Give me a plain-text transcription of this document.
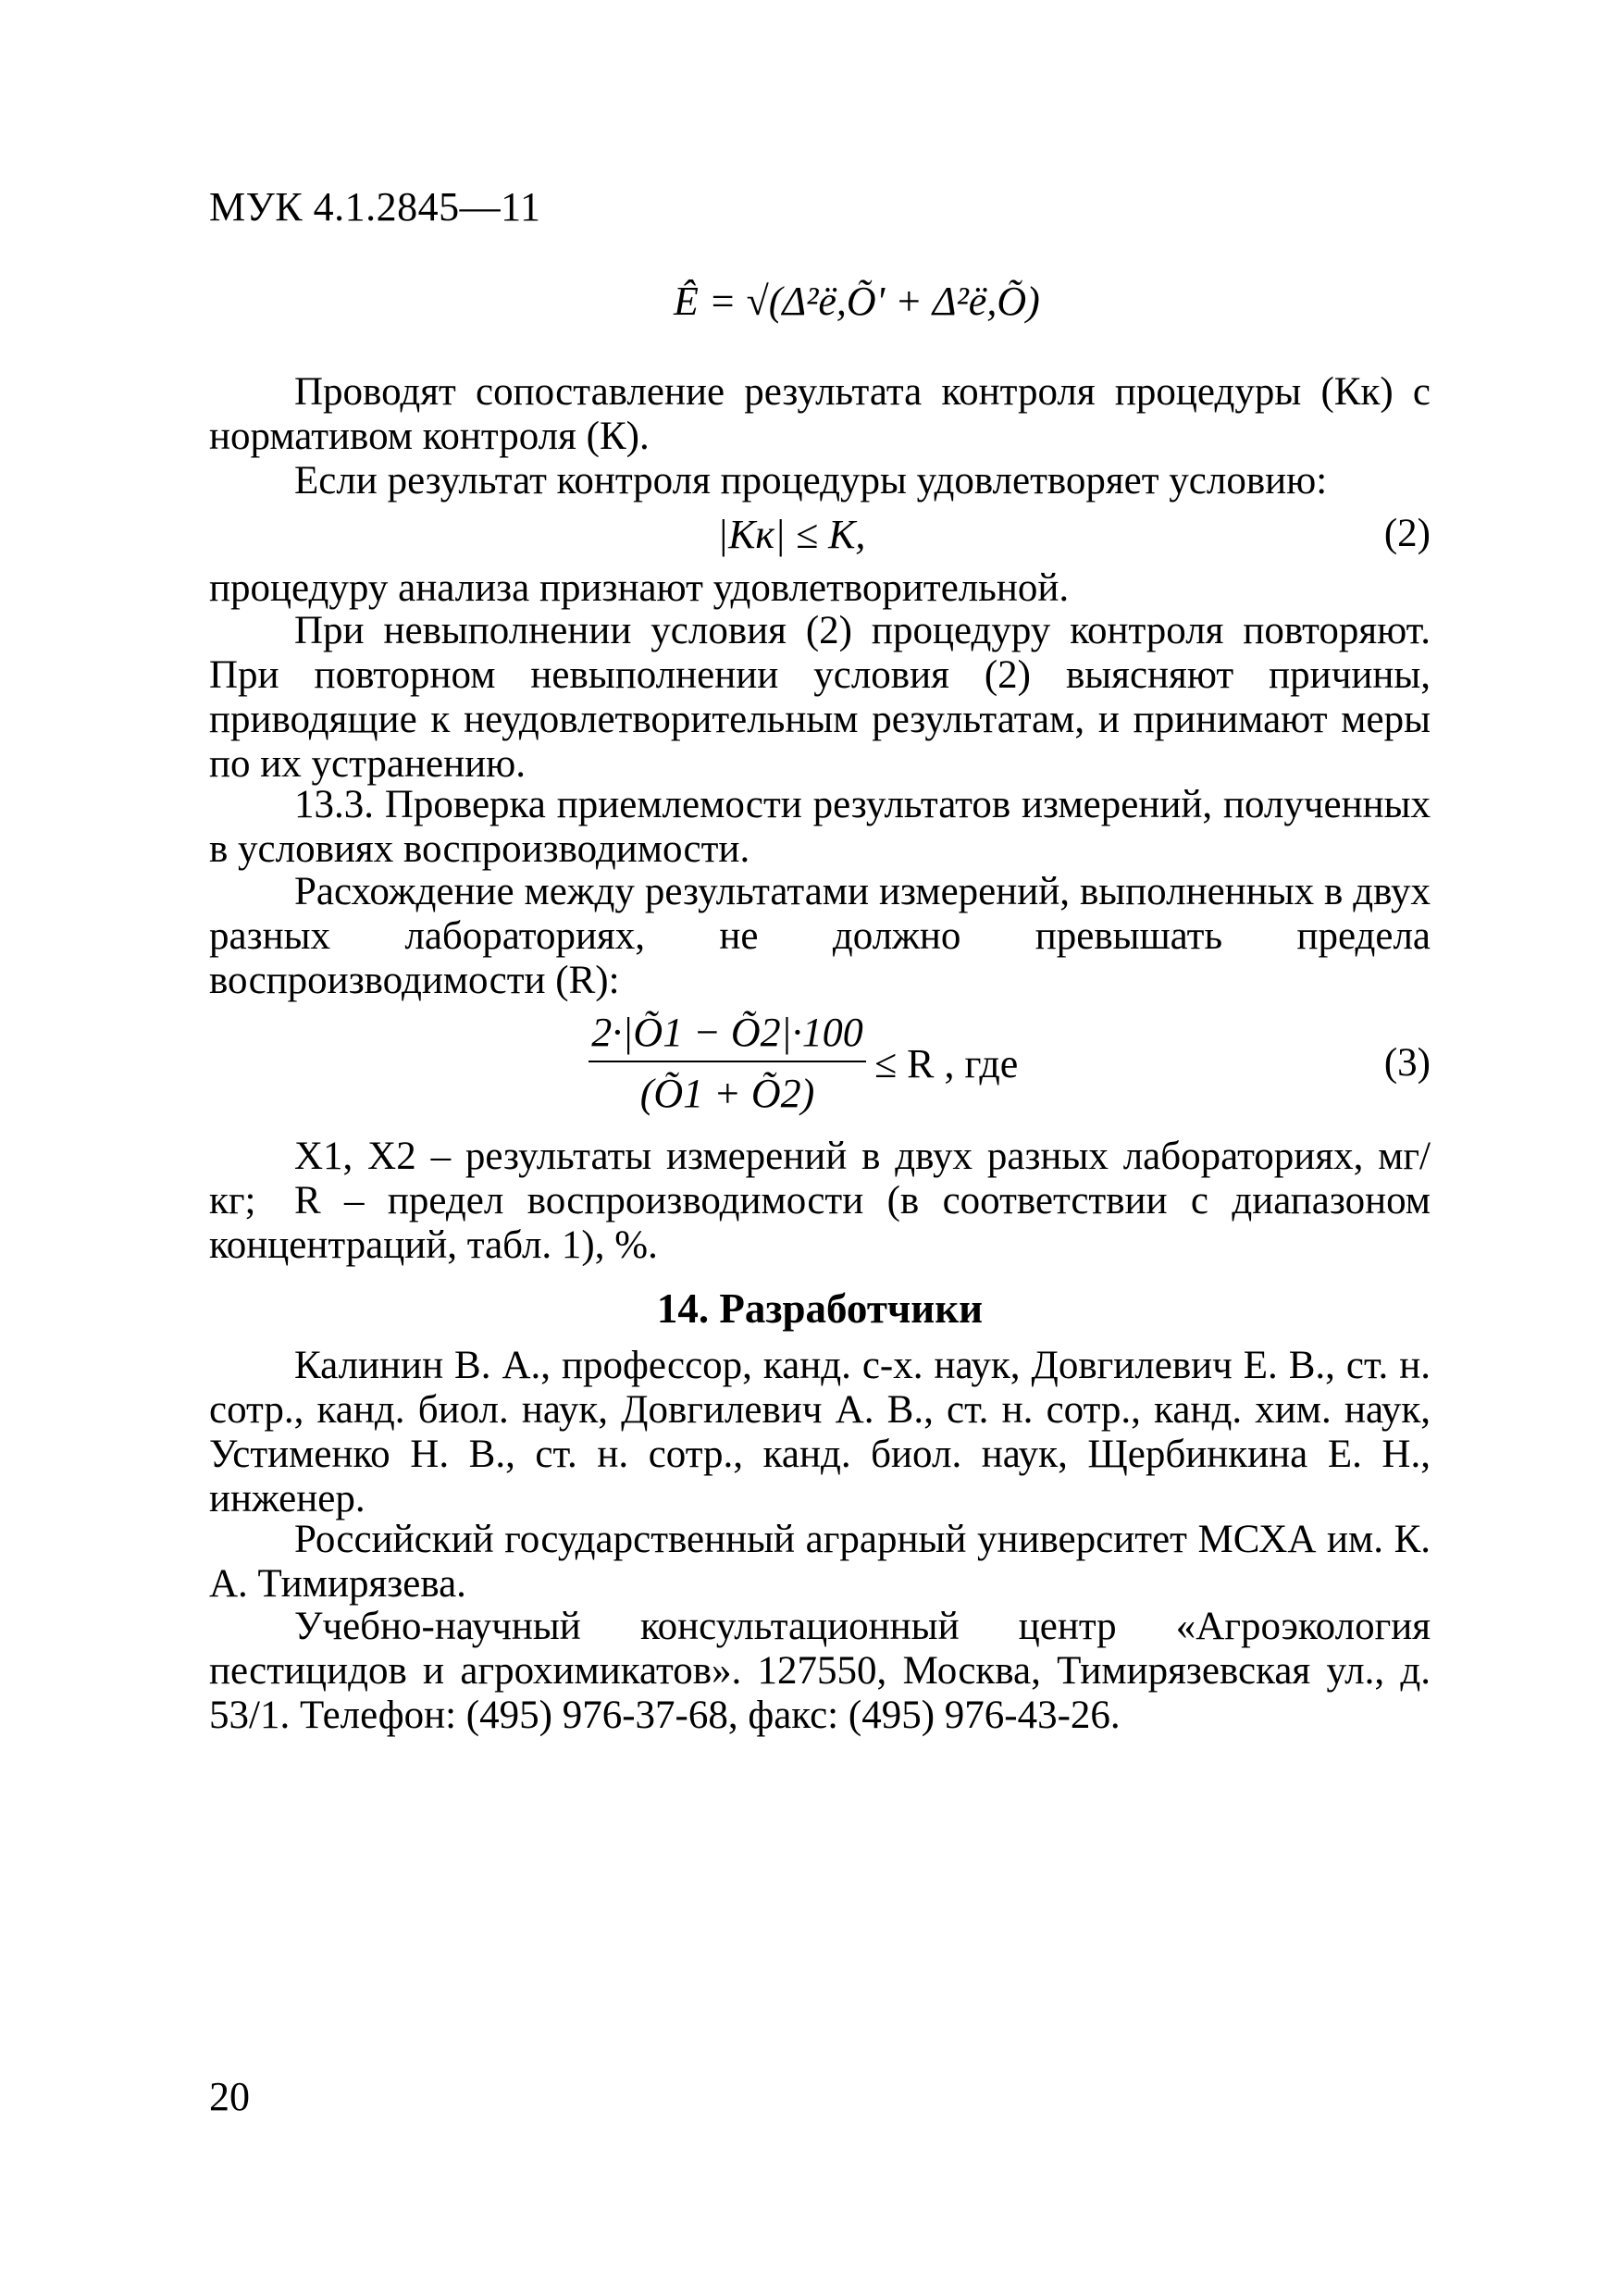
МУК 4.1.2845—11
Ê = √(Δ²ë,Õ' + Δ²ë,Õ)
Проводят сопоставление результата контроля процедуры (Кк) с нормативом контроля (К).
Если результат контроля процедуры удовлетворяет условию:
|Кк| ≤ К,	(2)
процедуру анализа признают удовлетворительной.
При невыполнении условия (2) процедуру контроля повторяют. При повторном невыполнении условия (2) выясняют причины, приводящие к неудовлетворительным результатам, и принимают меры по их устранению.
13.3. Проверка приемлемости результатов измерений, полученных в условиях воспроизводимости.
Расхождение между результатами измерений, выполненных в двух разных лабораториях, не должно превышать предела воспроизводимости (R):
2·|Õ1 − Õ2|·100
(Õ1 + Õ2)
≤ R , где	(3)
X1, X2 – результаты измерений в двух разных лабораториях, мг/кг; R – предел воспроизводимости (в соответствии с диапазоном концентраций, табл. 1), %.
14. Разработчики
Калинин В. А., профессор, канд. с-х. наук, Довгилевич Е. В., ст. н. сотр., канд. биол. наук, Довгилевич А. В., ст. н. сотр., канд. хим. наук, Устименко Н. В., ст. н. сотр., канд. биол. наук, Щербинкина Е. Н., инженер.
Российский государственный аграрный университет МСХА им. К. А. Тимирязева.
Учебно-научный консультационный центр «Агроэкология пестицидов и агрохимикатов». 127550, Москва, Тимирязевская ул., д. 53/1. Телефон: (495) 976-37-68, факс: (495) 976-43-26.
20
